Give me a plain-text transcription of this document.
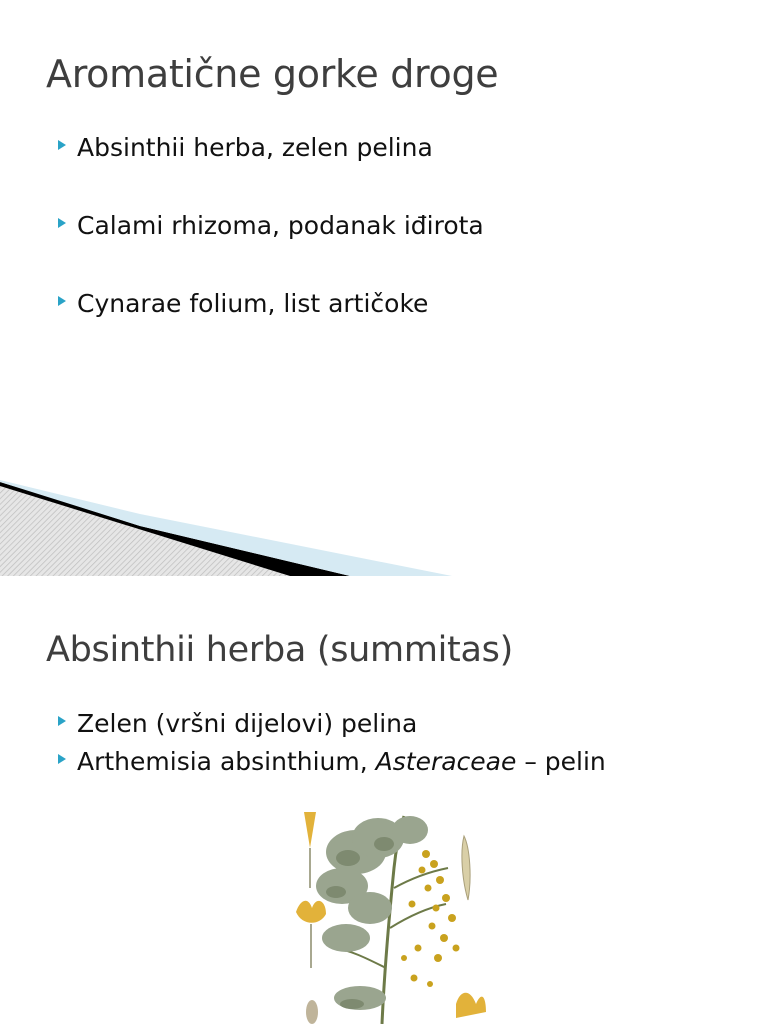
Aromatične gorke droge
Absinthii herba, zelen pelina
Calami rhizoma, podanak iđirota
Cynarae folium, list artičoke
Absinthii herba (summitas)
Zelen (vršni dijelovi) pelina
Arthemisia absinthium, Asteraceae – pelin
